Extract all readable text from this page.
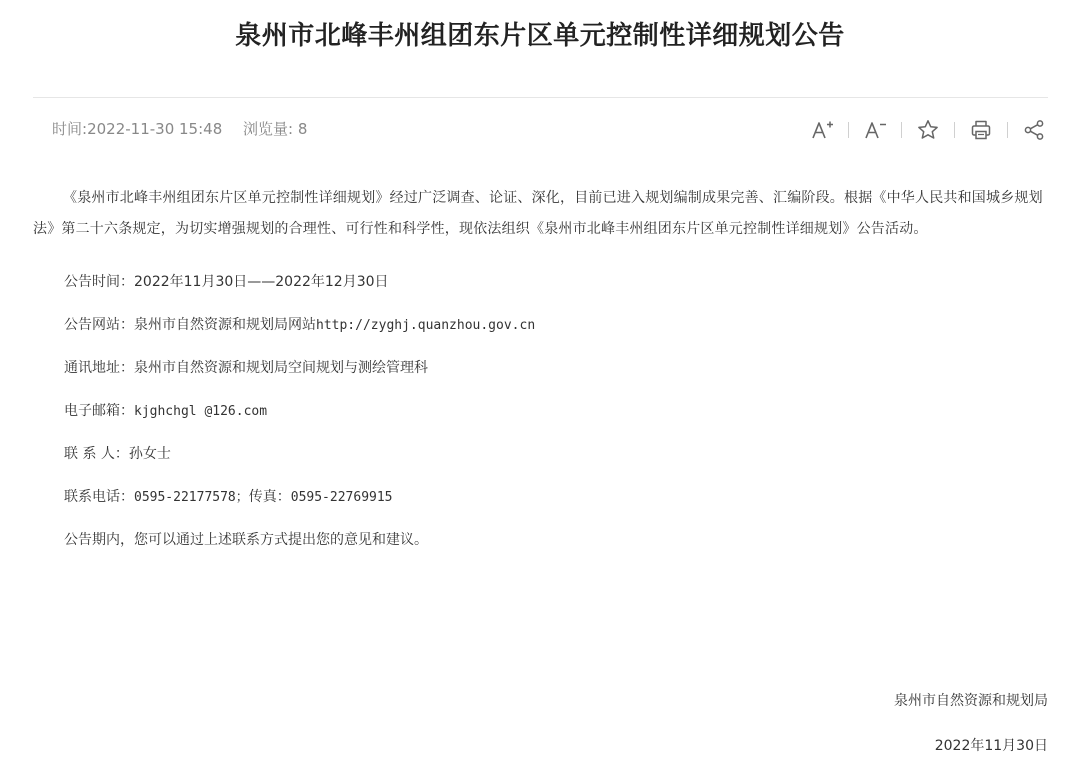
泉州市北峰丰州组团东片区单元控制性详细规划公告
时间:2022-11-30 15:48 浏览量: 8

《泉州市北峰丰州组团东片区单元控制性详细规划》经过广泛调查、论证、深化，目前已进入规划编制成果完善、汇编阶段。根据《中华人民共和国城乡规划法》第二十六条规定，为切实增强规划的合理性、可行性和科学性，现依法组织《泉州市北峰丰州组团东片区单元控制性详细规划》公告活动。

公告时间：2022年11月30日——2022年12月30日

公告网站：泉州市自然资源和规划局网站http://zyghj.quanzhou.gov.cn

通讯地址：泉州市自然资源和规划局空间规划与测绘管理科

电子邮箱：kjghchgl @126.com

联 系 人：孙女士

联系电话：0595-22177578；传真：0595-22769915

公告期内，您可以通过上述联系方式提出您的意见和建议。

泉州市自然资源和规划局
2022年11月30日
